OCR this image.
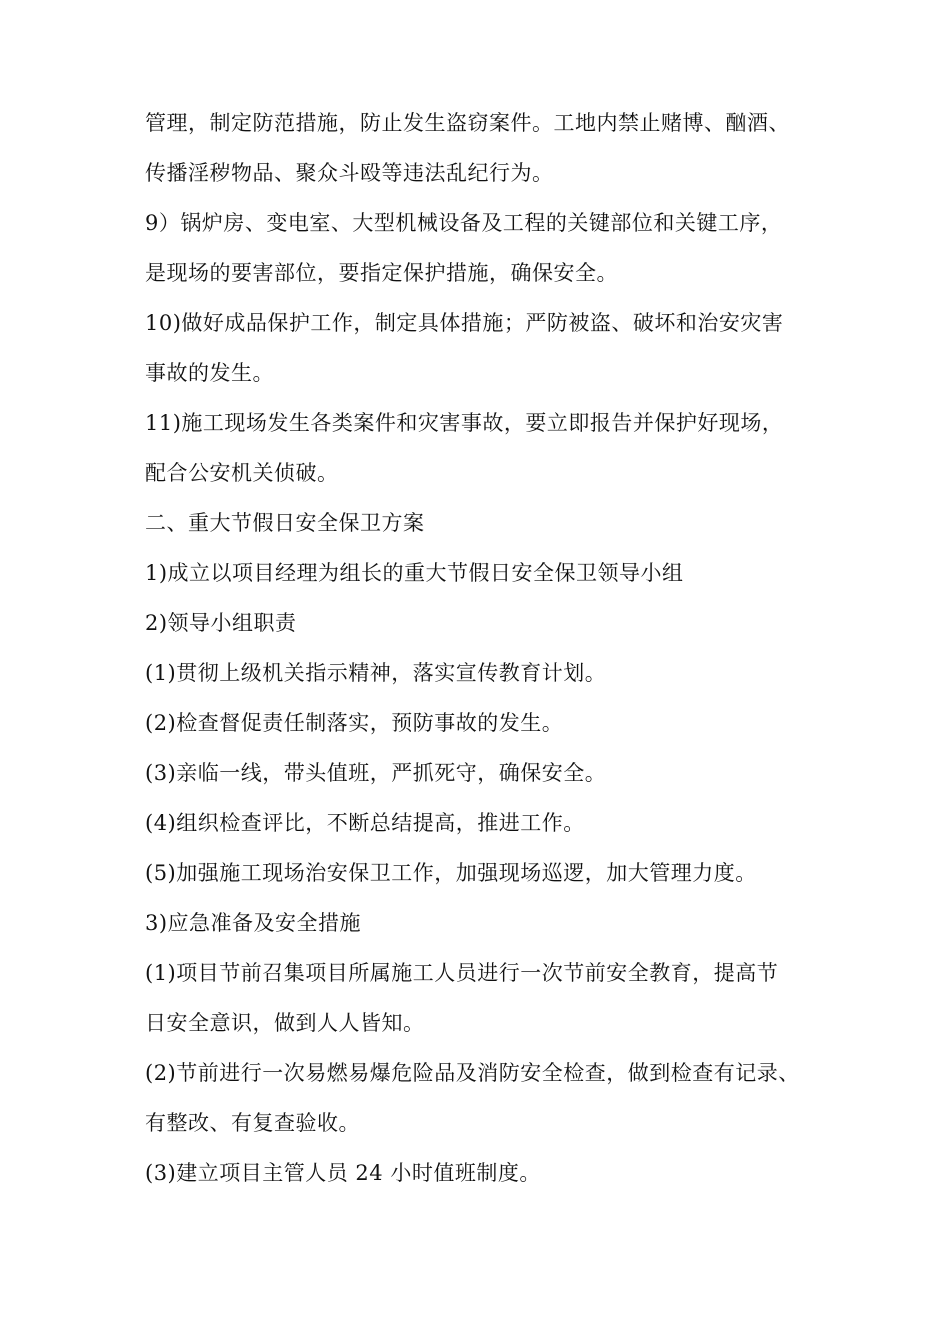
管理，制定防范措施，防止发生盗窃案件。工地内禁止赌博、酗酒、
传播淫秽物品、聚众斗殴等违法乱纪行为。
9）锅炉房、变电室、大型机械设备及工程的关键部位和关键工序，
是现场的要害部位，要指定保护措施，确保安全。
10)做好成品保护工作，制定具体措施；严防被盗、破坏和治安灾害
事故的发生。
11)施工现场发生各类案件和灾害事故，要立即报告并保护好现场，
配合公安机关侦破。
二、重大节假日安全保卫方案
1)成立以项目经理为组长的重大节假日安全保卫领导小组
2)领导小组职责
(1)贯彻上级机关指示精神，落实宣传教育计划。
(2)检查督促责任制落实，预防事故的发生。
(3)亲临一线，带头值班，严抓死守，确保安全。
(4)组织检查评比，不断总结提高，推进工作。
(5)加强施工现场治安保卫工作，加强现场巡逻，加大管理力度。
3)应急准备及安全措施
(1)项目节前召集项目所属施工人员进行一次节前安全教育，提高节
日安全意识，做到人人皆知。
(2)节前进行一次易燃易爆危险品及消防安全检查，做到检查有记录、
有整改、有复查验收。
(3)建立项目主管人员 24 小时值班制度。
